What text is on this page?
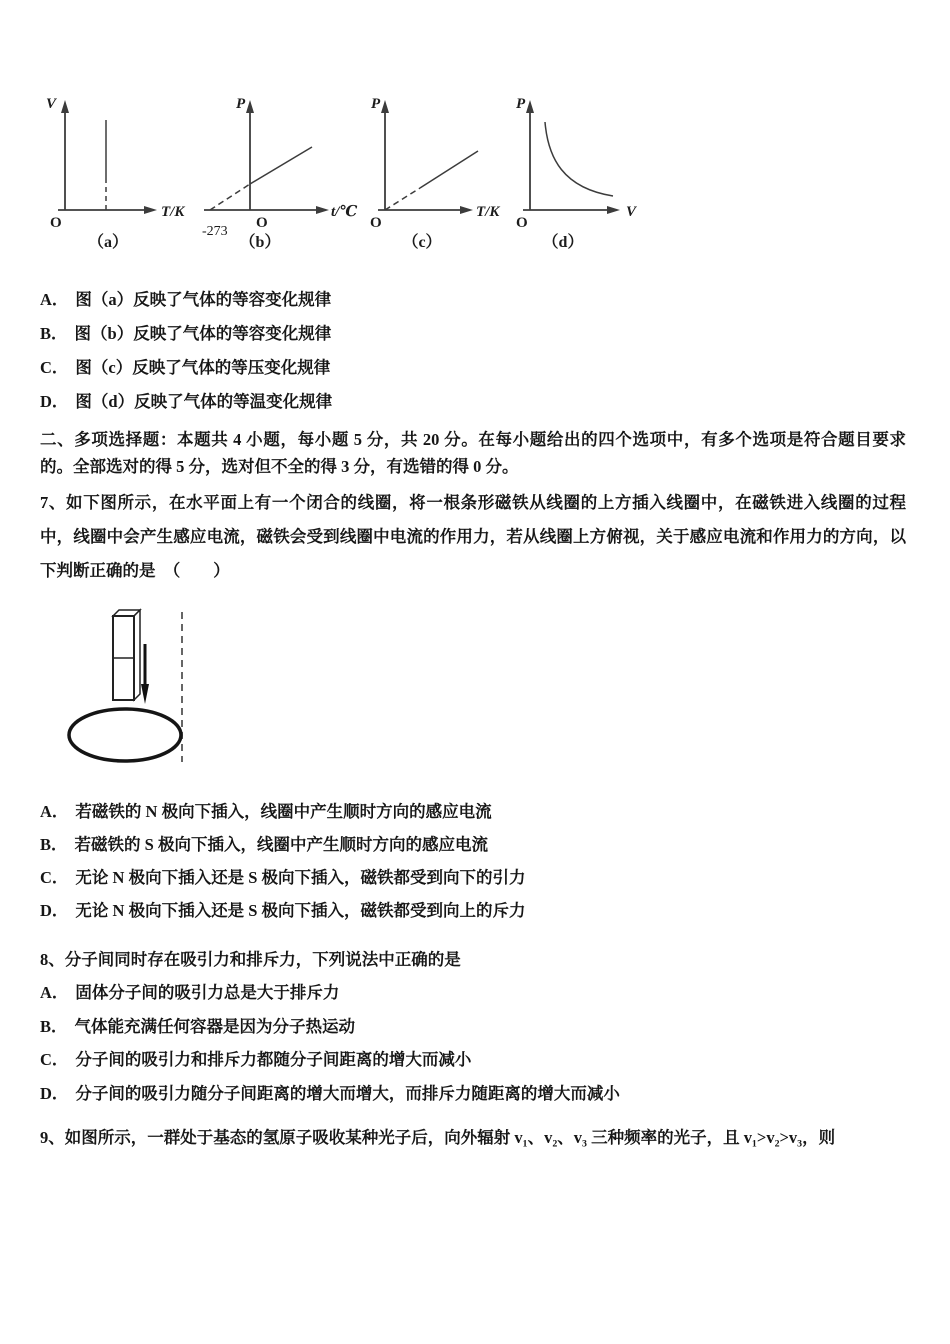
V
T/K
O
（a）
P
t/℃
O
-273
（b）
P
T/K
O
（c）
P
V
O
（d）
A． 图（a）反映了气体的等容变化规律
B． 图（b）反映了气体的等容变化规律
C． 图（c）反映了气体的等压变化规律
D． 图（d）反映了气体的等温变化规律
二、多项选择题：本题共 4 小题，每小题 5 分，共 20 分。在每小题给出的四个选项中，有多个选项是符合题目要求的。全部选对的得 5 分，选对但不全的得 3 分，有选错的得 0 分。
7、如下图所示，在水平面上有一个闭合的线圈，将一根条形磁铁从线圈的上方插入线圈中，在磁铁进入线圈的过程中，线圈中会产生感应电流，磁铁会受到线圈中电流的作用力，若从线圈上方俯视，关于感应电流和作用力的方向，以下判断正确的是　（　　）
A． 若磁铁的 N 极向下插入，线圈中产生顺时方向的感应电流
B． 若磁铁的 S 极向下插入，线圈中产生顺时方向的感应电流
C． 无论 N 极向下插入还是 S 极向下插入，磁铁都受到向下的引力
D． 无论 N 极向下插入还是 S 极向下插入，磁铁都受到向上的斥力
8、分子间同时存在吸引力和排斥力，下列说法中正确的是
A． 固体分子间的吸引力总是大于排斥力
B． 气体能充满任何容器是因为分子热运动
C． 分子间的吸引力和排斥力都随分子间距离的增大而减小
D． 分子间的吸引力随分子间距离的增大而增大，而排斥力随距离的增大而减小
9、如图所示，一群处于基态的氢原子吸收某种光子后，向外辐射 v₁、v₂、v₃ 三种频率的光子，且 v₁>v₂>v₃，则
